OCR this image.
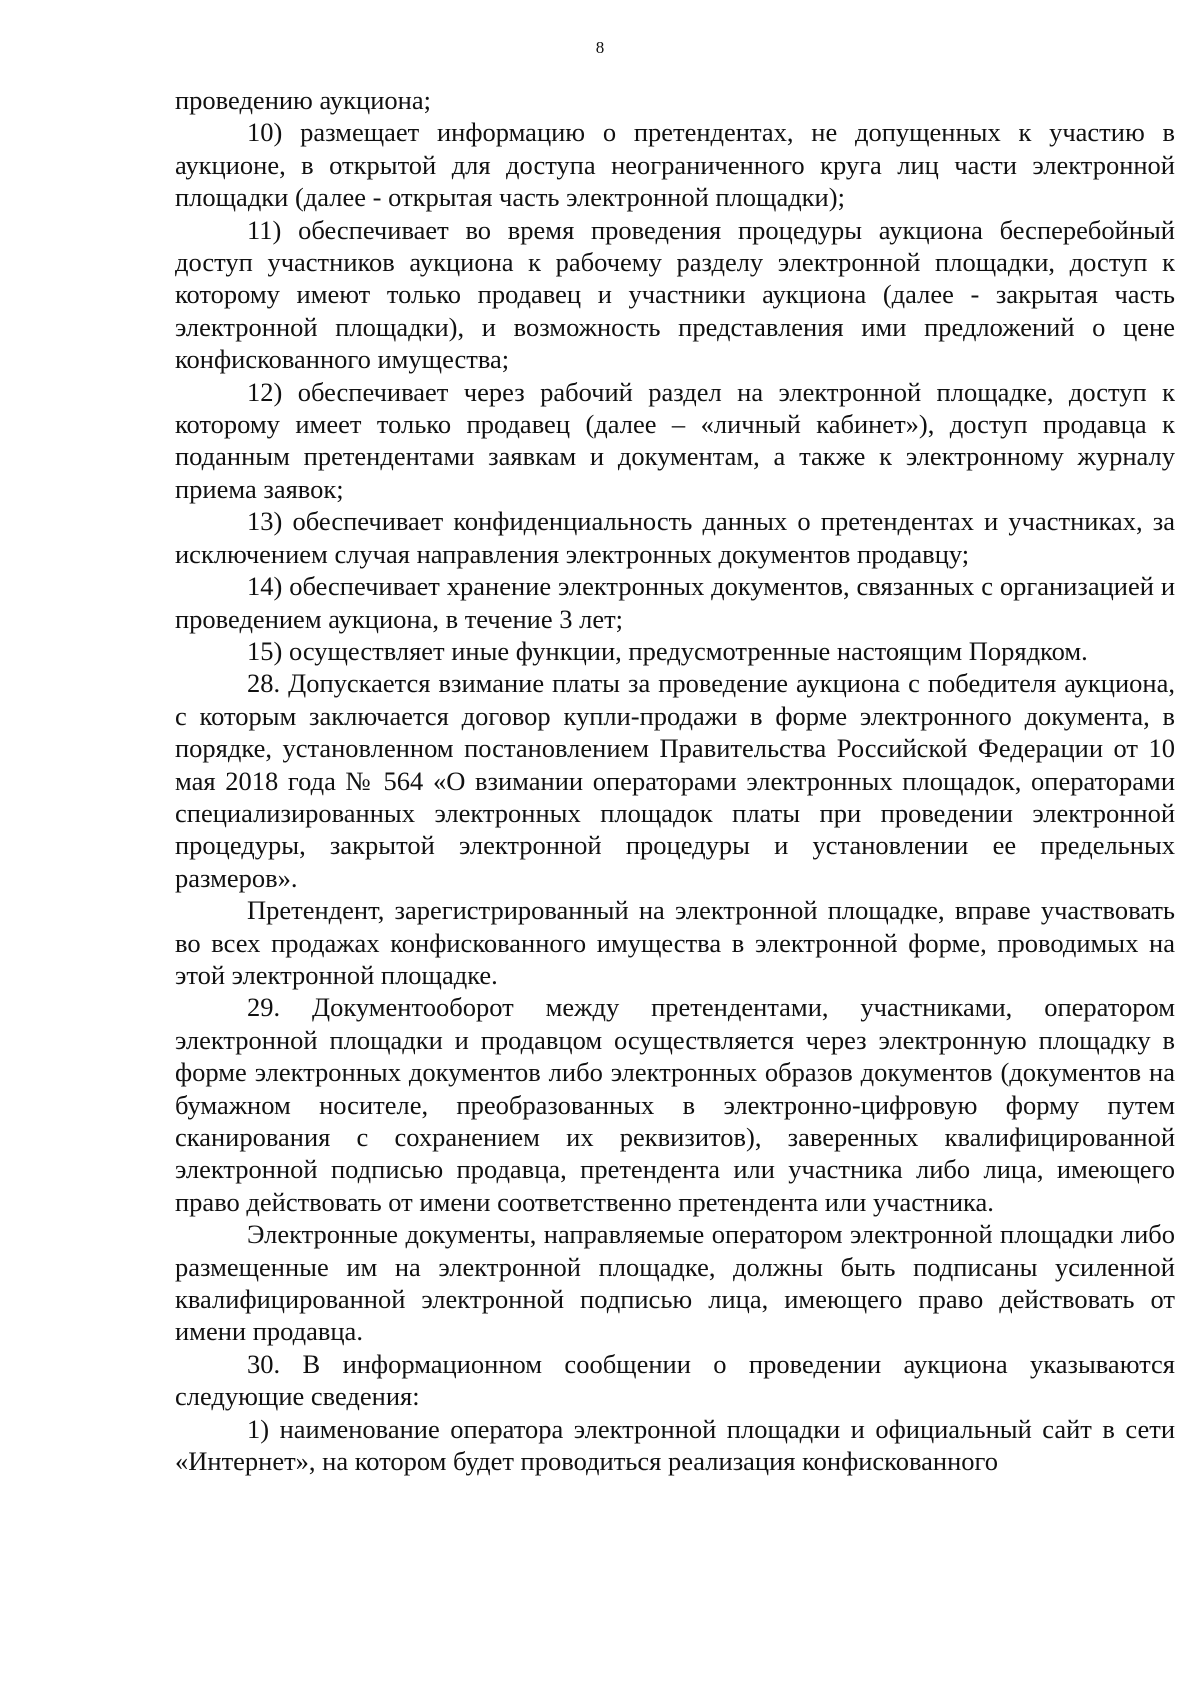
8

проведению аукциона;

10) размещает информацию о претендентах, не допущенных к участию в аукционе, в открытой для доступа неограниченного круга лиц части электронной площадки (далее - открытая часть электронной площадки);

11) обеспечивает во время проведения процедуры аукциона бесперебойный доступ участников аукциона к рабочему разделу электронной площадки, доступ к которому имеют только продавец и участники аукциона (далее - закрытая часть электронной площадки), и возможность представления ими предложений о цене конфискованного имущества;

12) обеспечивает через рабочий раздел на электронной площадке, доступ к которому имеет только продавец (далее – «личный кабинет»), доступ продавца к поданным претендентами заявкам и документам, а также к электронному журналу приема заявок;

13) обеспечивает конфиденциальность данных о претендентах и участниках, за исключением случая направления электронных документов продавцу;

14) обеспечивает хранение электронных документов, связанных с организацией и проведением аукциона, в течение 3 лет;

15) осуществляет иные функции, предусмотренные настоящим Порядком.

28. Допускается взимание платы за проведение аукциона с победителя аукциона, с которым заключается договор купли-продажи в форме электронного документа, в порядке, установленном постановлением Правительства Российской Федерации от 10 мая 2018 года № 564 «О взимании операторами электронных площадок, операторами специализированных электронных площадок платы при проведении электронной процедуры, закрытой электронной процедуры и установлении ее предельных размеров».

Претендент, зарегистрированный на электронной площадке, вправе участвовать во всех продажах конфискованного имущества в электронной форме, проводимых на этой электронной площадке.

29. Документооборот между претендентами, участниками, оператором электронной площадки и продавцом осуществляется через электронную площадку в форме электронных документов либо электронных образов документов (документов на бумажном носителе, преобразованных в электронно-цифровую форму путем сканирования с сохранением их реквизитов), заверенных квалифицированной электронной подписью продавца, претендента или участника либо лица, имеющего право действовать от имени соответственно претендента или участника.

Электронные документы, направляемые оператором электронной площадки либо размещенные им на электронной площадке, должны быть подписаны усиленной квалифицированной электронной подписью лица, имеющего право действовать от имени продавца.

30. В информационном сообщении о проведении аукциона указываются следующие сведения:

1) наименование оператора электронной площадки и официальный сайт в сети «Интернет», на котором будет проводиться реализация конфискованного
